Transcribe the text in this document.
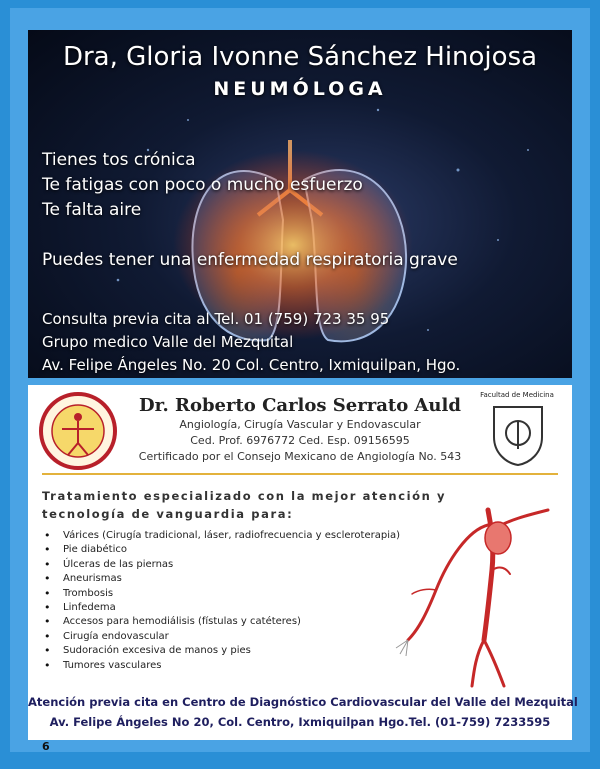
Dra, Gloria Ivonne Sánchez Hinojosa
NEUMÓLOGA
Tienes tos crónica
Te fatigas con poco o mucho esfuerzo
Te falta aire
Puedes tener una enfermedad respiratoria grave
Consulta previa cita al Tel. 01 (759) 723 35 95
Grupo medico Valle del Mezquital
Av. Felipe Ángeles No. 20 Col. Centro, Ixmiquilpan, Hgo.
Facultad de Medicina
Dr. Roberto Carlos Serrato Auld
Angiología, Cirugía Vascular y Endovascular
Ced. Prof. 6976772 Ced. Esp. 09156595
Certificado por el Consejo Mexicano de Angiología No. 543
Tratamiento especializado con la mejor atención y
tecnología de vanguardia para:
• Várices (Cirugía tradicional, láser, radiofrecuencia y escleroterapia)
• Pie diabético
• Úlceras de las piernas
• Aneurismas
• Trombosis
• Linfedema
• Accesos para hemodiálisis (fístulas y catéteres)
• Cirugía endovascular
• Sudoración excesiva de manos y pies
• Tumores vasculares
Atención previa cita en Centro de Diagnóstico Cardiovascular del Valle del Mezquital
Av. Felipe Ángeles No 20, Col. Centro, Ixmiquilpan Hgo.Tel. (01-759) 7233595
6
